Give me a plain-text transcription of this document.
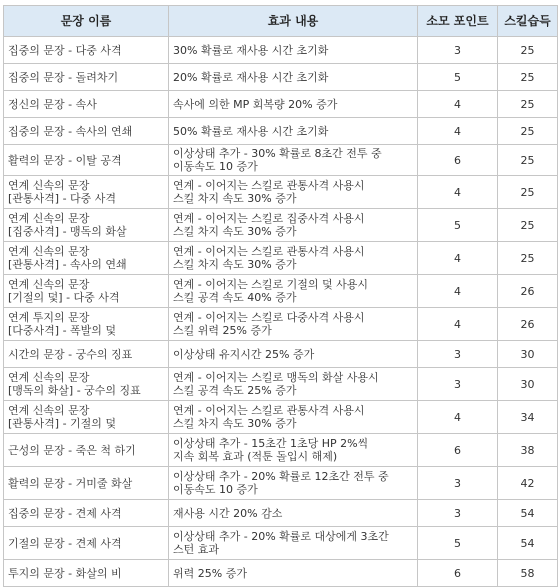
문장 이름	효과 내용	소모 포인트	스킬습득

집중의 문장 - 다중 사격	30% 확률로 재사용 시간 초기화	3	25

집중의 문장 - 돌려차기	20% 확률로 재사용 시간 초기화	5	25

정신의 문장 - 속사	속사에 의한 MP 회복량 20% 증가	4	25

집중의 문장 - 속사의 연쇄	50% 확률로 재사용 시간 초기화	4	25

활력의 문장 - 이탈 공격	이상상태 추가 - 30% 확률로 8초간 전투 중
이동속도 10 증가	6	25

연계 신속의 문장
[관통사격] - 다중 사격	연계 - 이어지는 스킬로 관통사격 사용시
스킬 차지 속도 30% 증가	4	25

연계 신속의 문장
[집중사격] - 맹독의 화살	연계 - 이어지는 스킬로 집중사격 사용시
스킬 차지 속도 30% 증가	5	25

연계 신속의 문장
[관통사격] - 속사의 연쇄	연계 - 이어지는 스킬로 관통사격 사용시
스킬 차지 속도 30% 증가	4	25

연계 신속의 문장
[기절의 덫] - 다중 사격	연계 - 이어지는 스킬로 기절의 덫 사용시
스킬 공격 속도 40% 증가	4	26

연계 투지의 문장
[다중사격] - 폭발의 덫	연계 - 이어지는 스킬로 다중사격 사용시
스킬 위력 25% 증가	4	26

시간의 문장 - 궁수의 징표	이상상태 유지시간 25% 증가	3	30

연계 신속의 문장
[맹독의 화살] - 궁수의 징표	연계 - 이어지는 스킬로 맹독의 화살 사용시
스킬 공격 속도 25% 증가	3	30

연계 신속의 문장
[관통사격] - 기절의 덫	연계 - 이어지는 스킬로 관통사격 사용시
스킬 차지 속도 30% 증가	4	34

근성의 문장 - 죽은 척 하기	이상상태 추가 - 15초간 1초당 HP 2%씩
지속 회복 효과 (적툰 돌입시 해제)	6	38

활력의 문장 - 거미줄 화살	이상상태 추가 - 20% 확률로 12초간 전투 중
이동속도 10 증가	3	42

집중의 문장 - 견제 사격	재사용 시간 20% 감소	3	54

기절의 문장 - 견제 사격	이상상태 추가 - 20% 확률로 대상에게 3초간
스턴 효과	5	54

투지의 문장 - 화살의 비	위력 25% 증가	6	58
